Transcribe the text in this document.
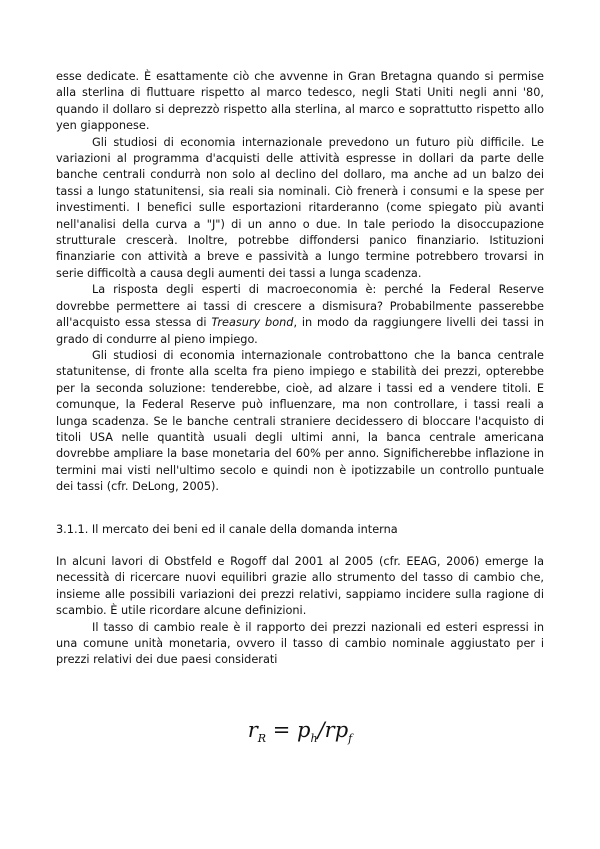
esse dedicate. È esattamente ciò che avvenne in Gran Bretagna quando si permise alla sterlina di fluttuare rispetto al marco tedesco, negli Stati Uniti negli anni '80, quando il dollaro si deprezzò rispetto alla sterlina, al marco e soprattutto rispetto allo yen giapponese.

Gli studiosi di economia internazionale prevedono un futuro più difficile. Le variazioni al programma d'acquisti delle attività espresse in dollari da parte delle banche centrali condurrà non solo al declino del dollaro, ma anche ad un balzo dei tassi a lungo statunitensi, sia reali sia nominali. Ciò frenerà i consumi e la spese per investimenti. I benefici sulle esportazioni ritarderanno (come spiegato più avanti nell'analisi della curva a "J") di un anno o due. In tale periodo la disoccupazione strutturale crescerà. Inoltre, potrebbe diffondersi panico finanziario. Istituzioni finanziarie con attività a breve e passività a lungo termine potrebbero trovarsi in serie difficoltà a causa degli aumenti dei tassi a lunga scadenza.

La risposta degli esperti di macroeconomia è: perché la Federal Reserve dovrebbe permettere ai tassi di crescere a dismisura? Probabilmente passerebbe all'acquisto essa stessa di Treasury bond, in modo da raggiungere livelli dei tassi in grado di condurre al pieno impiego.

Gli studiosi di economia internazionale controbattono che la banca centrale statunitense, di fronte alla scelta fra pieno impiego e stabilità dei prezzi, opterebbe per la seconda soluzione: tenderebbe, cioè, ad alzare i tassi ed a vendere titoli. E comunque, la Federal Reserve può influenzare, ma non controllare, i tassi reali a lunga scadenza. Se le banche centrali straniere decidessero di bloccare l'acquisto di titoli USA nelle quantità usuali degli ultimi anni, la banca centrale americana dovrebbe ampliare la base monetaria del 60% per anno. Significherebbe inflazione in termini mai visti nell'ultimo secolo e quindi non è ipotizzabile un controllo puntuale dei tassi (cfr. DeLong, 2005).

3.1.1. Il mercato dei beni ed il canale della domanda interna

In alcuni lavori di Obstfeld e Rogoff dal 2001 al 2005 (cfr. EEAG, 2006) emerge la necessità di ricercare nuovi equilibri grazie allo strumento del tasso di cambio che, insieme alle possibili variazioni dei prezzi relativi, sappiamo incidere sulla ragione di scambio. È utile ricordare alcune definizioni.

Il tasso di cambio reale è il rapporto dei prezzi nazionali ed esteri espressi in una comune unità monetaria, ovvero il tasso di cambio nominale aggiustato per i prezzi relativi dei due paesi considerati

$r_R = p_h/rp_f$
